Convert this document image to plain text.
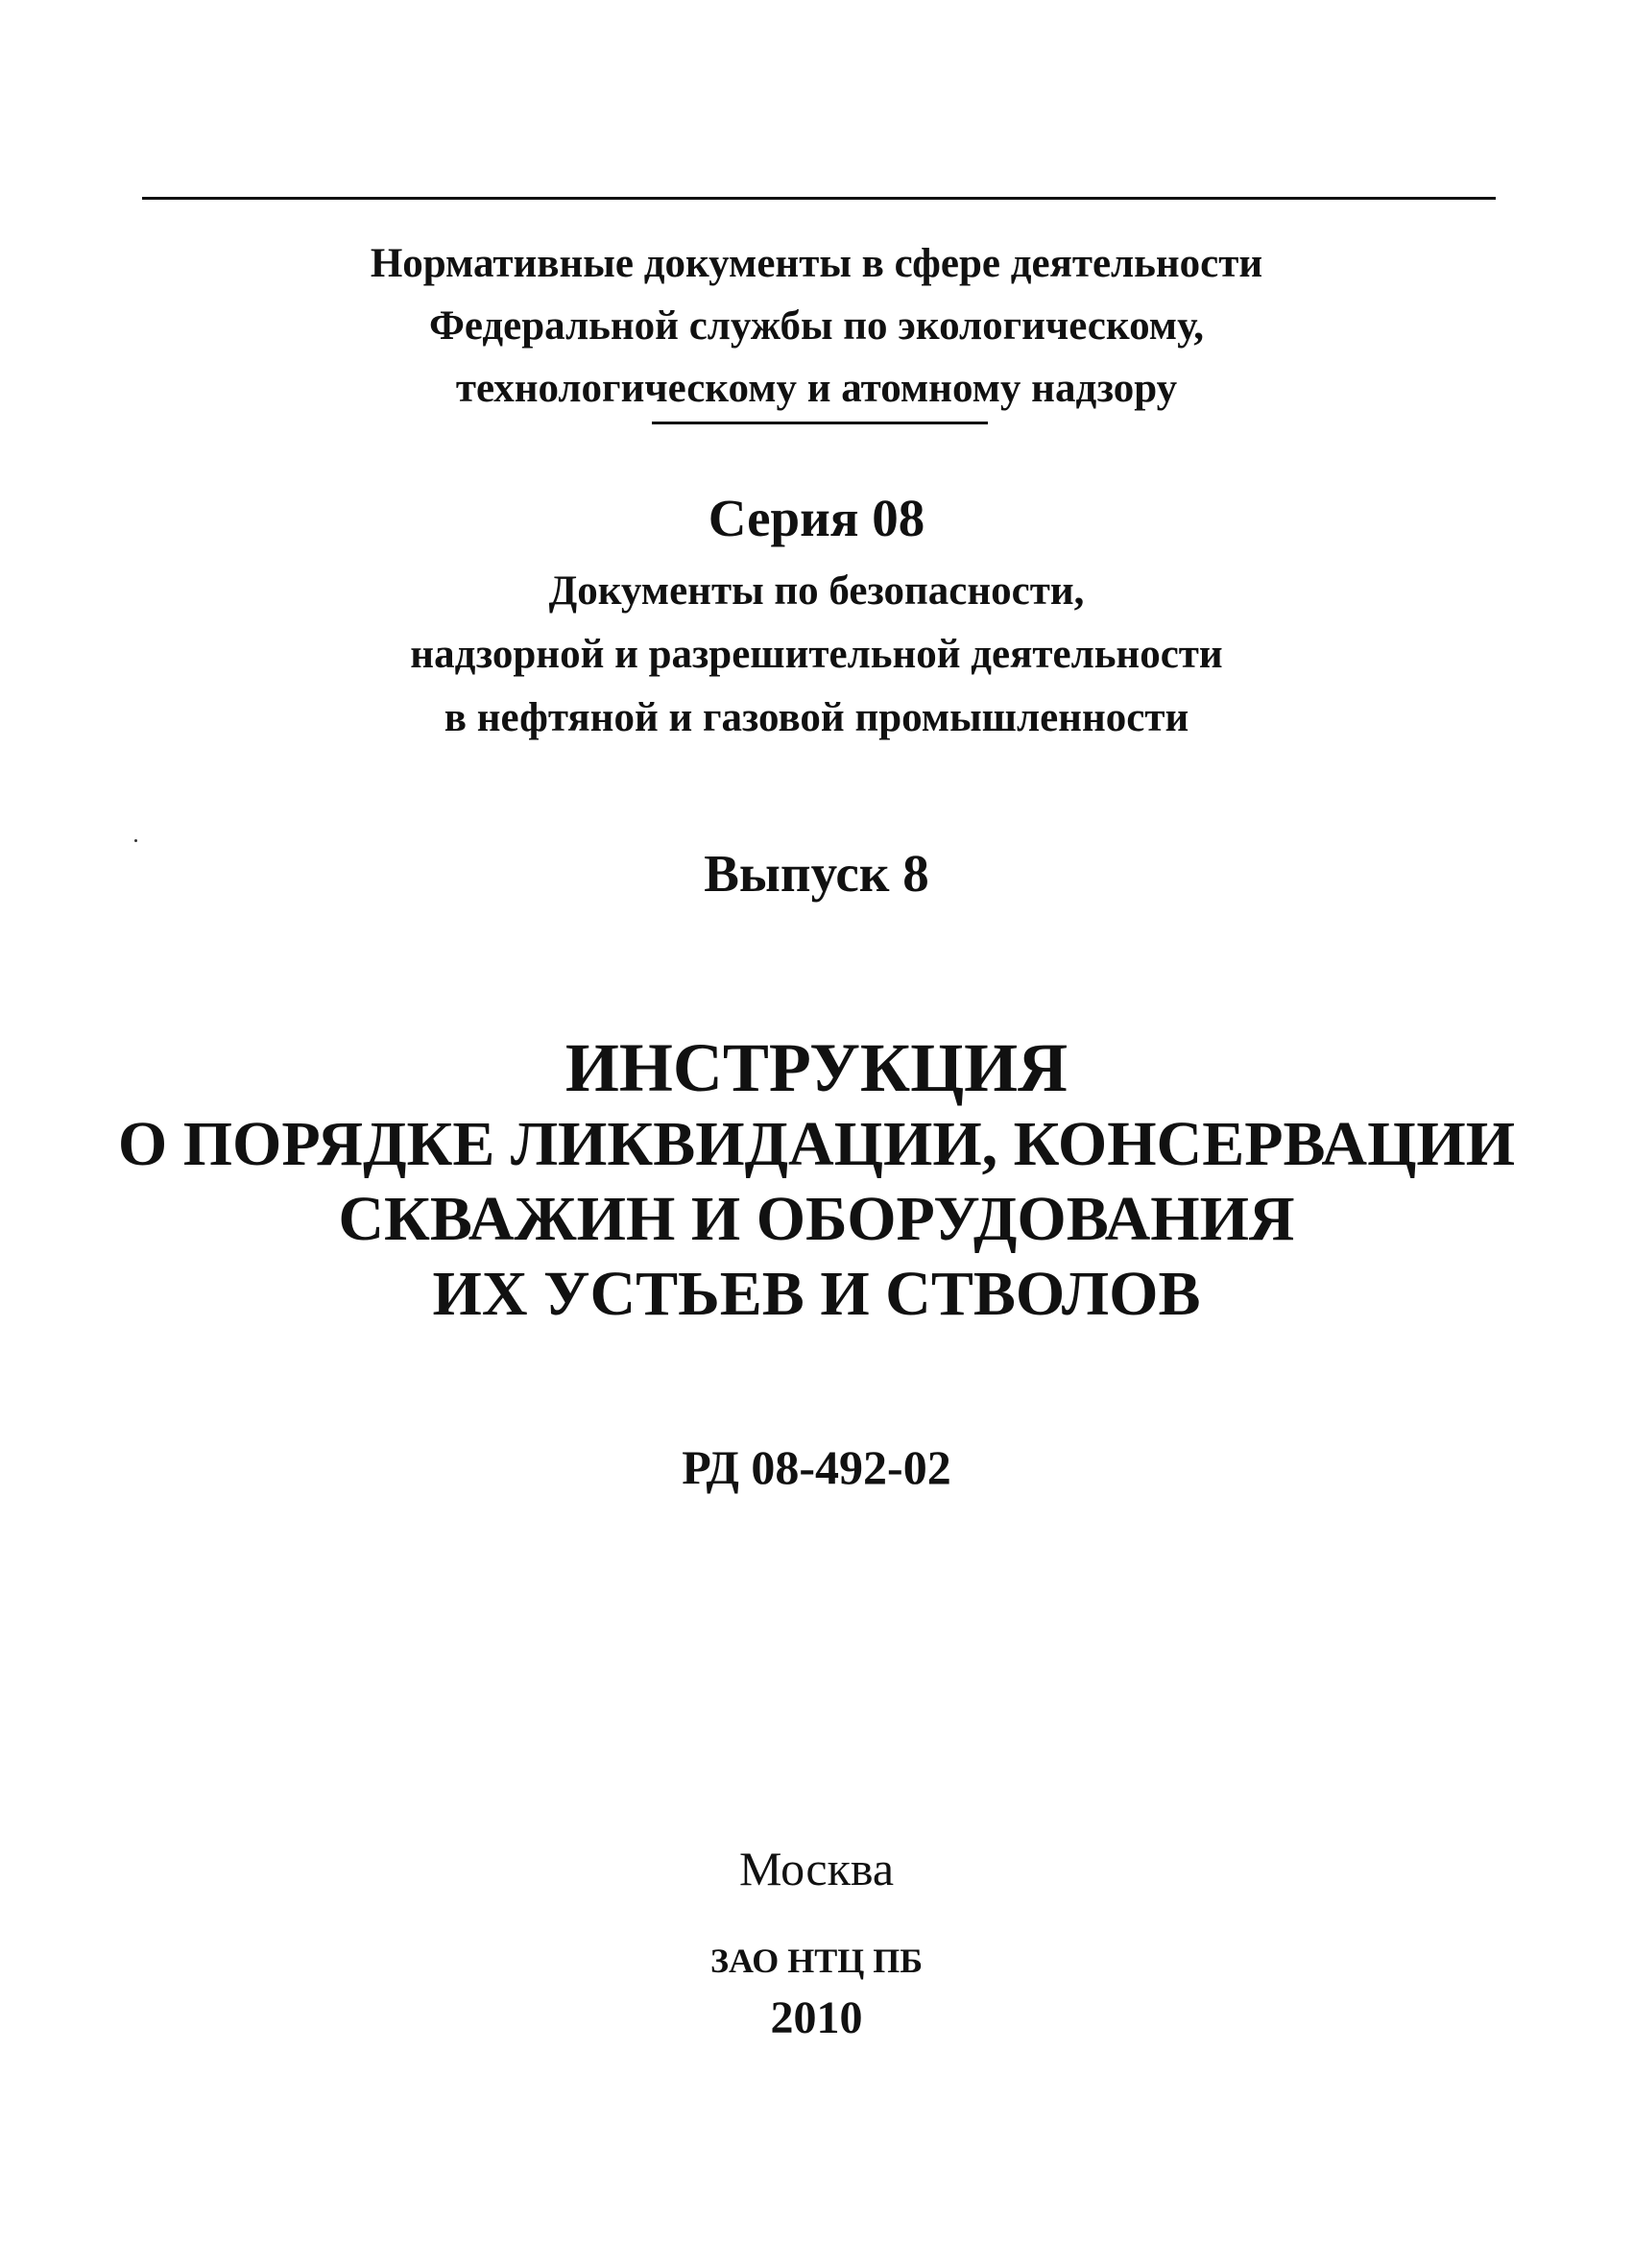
Нормативные документы в сфере деятельности
Федеральной службы по экологическому,
технологическому и атомному надзору
Серия 08
Документы по безопасности,
надзорной и разрешительной деятельности
в нефтяной и газовой промышленности
Выпуск 8
ИНСТРУКЦИЯ
О ПОРЯДКЕ ЛИКВИДАЦИИ, КОНСЕРВАЦИИ
СКВАЖИН И ОБОРУДОВАНИЯ
ИХ УСТЬЕВ И СТВОЛОВ
РД 08-492-02
Москва
ЗАО НТЦ ПБ
2010
